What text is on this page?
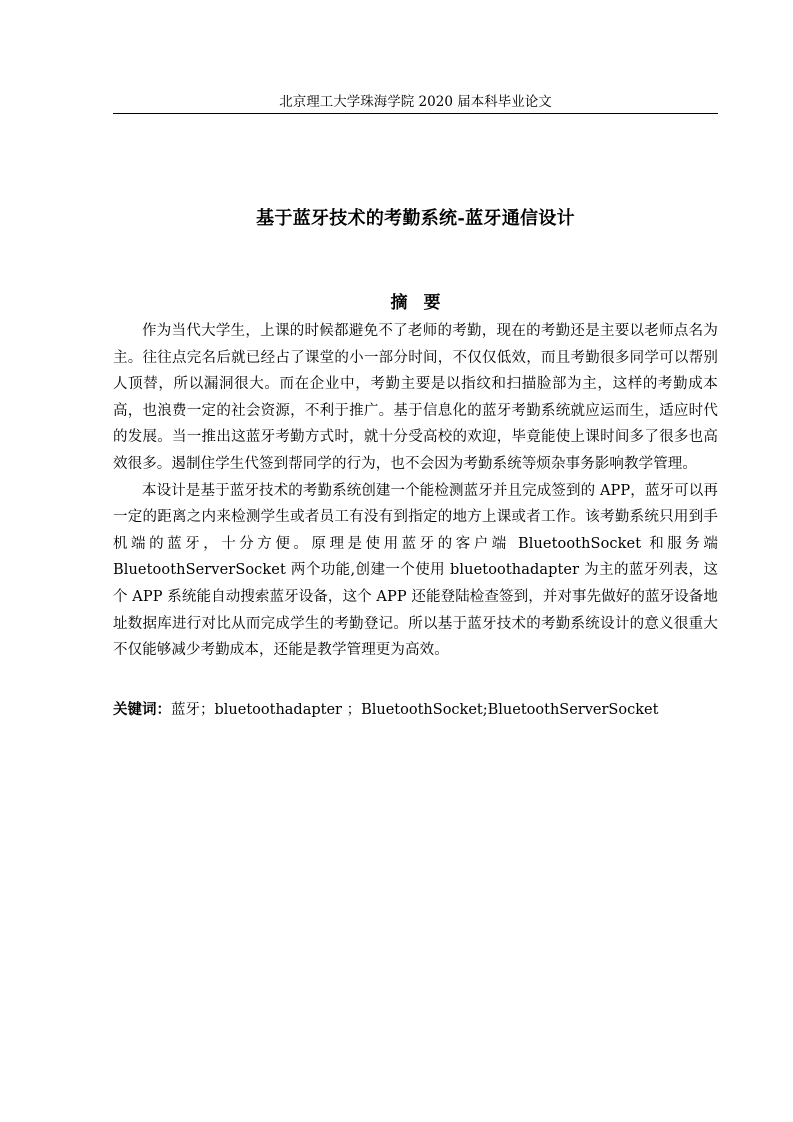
北京理工大学珠海学院 2020 届本科毕业论文
基于蓝牙技术的考勤系统-蓝牙通信设计
摘要

作为当代大学生，上课的时候都避免不了老师的考勤，现在的考勤还是主要以老师点名为主。往往点完名后就已经占了课堂的小一部分时间，不仅仅低效，而且考勤很多同学可以帮别人顶替，所以漏洞很大。而在企业中，考勤主要是以指纹和扫描脸部为主，这样的考勤成本高，也浪费一定的社会资源，不利于推广。基于信息化的蓝牙考勤系统就应运而生，适应时代的发展。当一推出这蓝牙考勤方式时，就十分受高校的欢迎，毕竟能使上课时间多了很多也高效很多。遏制住学生代签到帮同学的行为，也不会因为考勤系统等烦杂事务影响教学管理。

本设计是基于蓝牙技术的考勤系统创建一个能检测蓝牙并且完成签到的 APP，蓝牙可以再一定的距离之内来检测学生或者员工有没有到指定的地方上课或者工作。该考勤系统只用到手机端的蓝牙，十分方便。原理是使用蓝牙的客户端 BluetoothSocket 和服务端 BluetoothServerSocket 两个功能,创建一个使用 bluetoothadapter 为主的蓝牙列表，这个 APP 系统能自动搜索蓝牙设备，这个 APP 还能登陆检查签到，并对事先做好的蓝牙设备地址数据库进行对比从而完成学生的考勤登记。所以基于蓝牙技术的考勤系统设计的意义很重大不仅能够减少考勤成本，还能是教学管理更为高效。

关键词：蓝牙；bluetoothadapter ；BluetoothSocket;BluetoothServerSocket
